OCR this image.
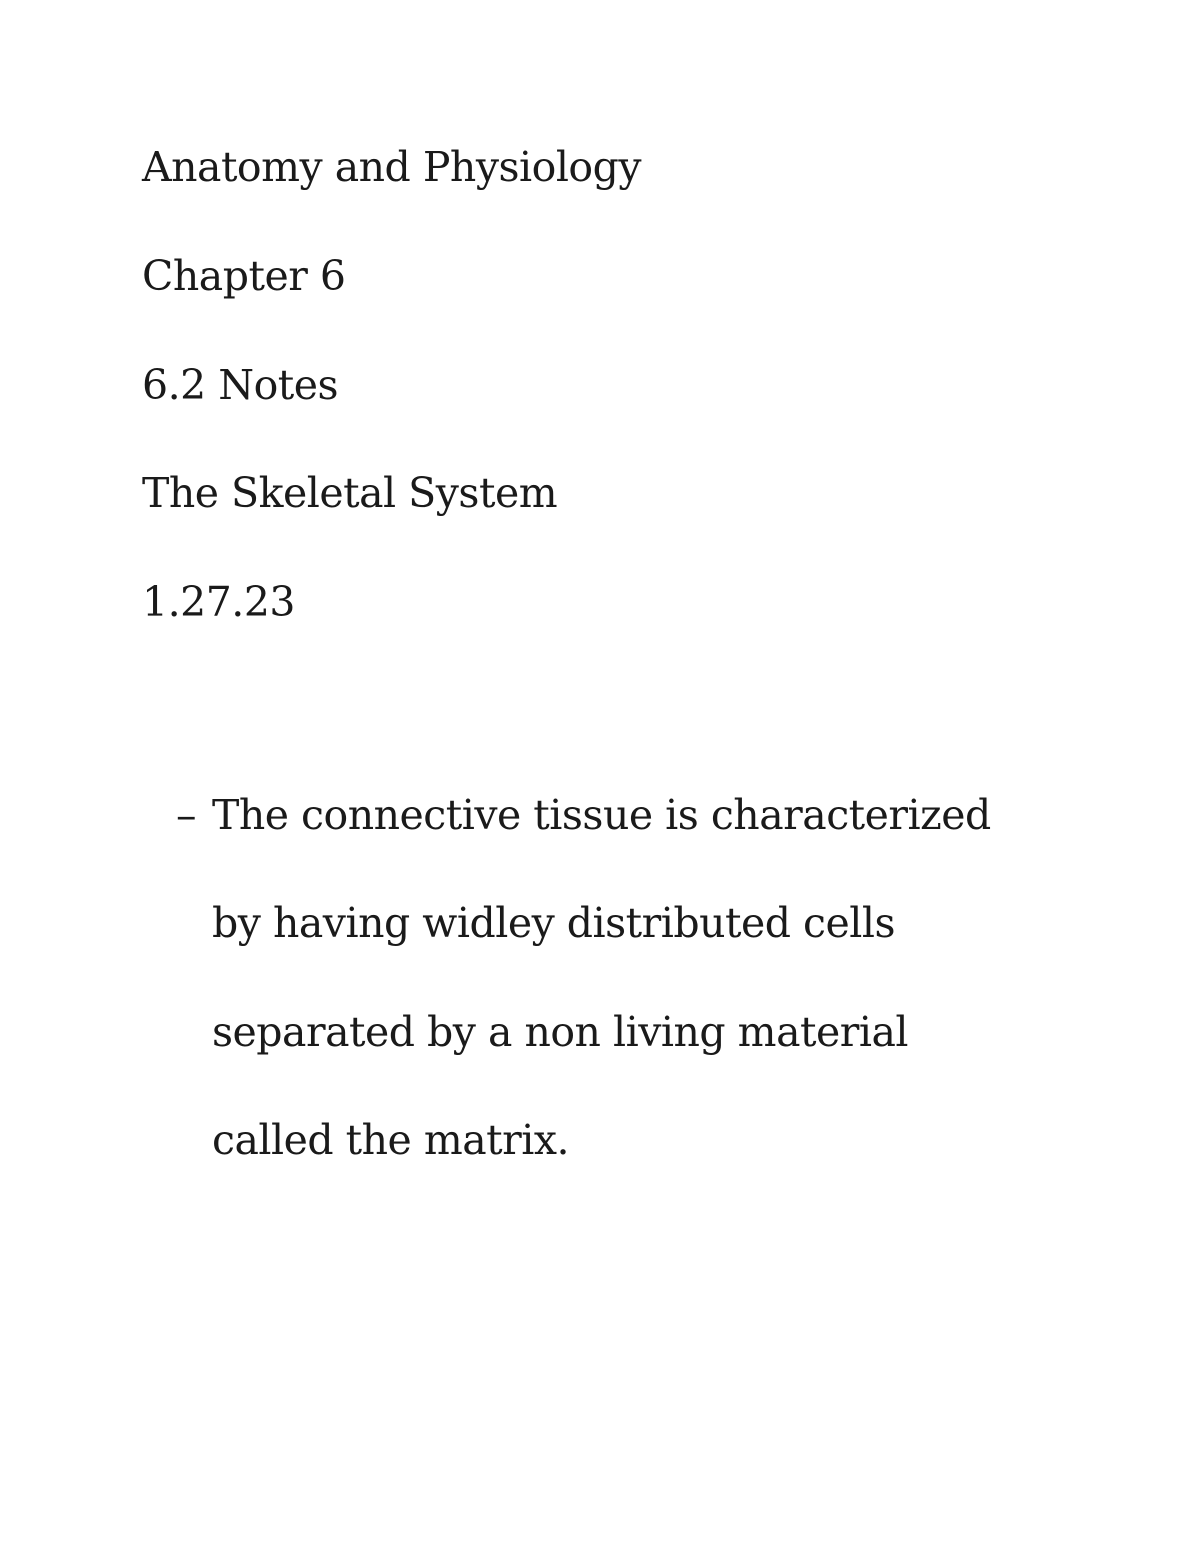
Anatomy and Physiology
Chapter 6
6.2 Notes
The Skeletal System
1.27.23
– The connective tissue is characterized
by having widley distributed cells
separated by a non living material
called the matrix.
